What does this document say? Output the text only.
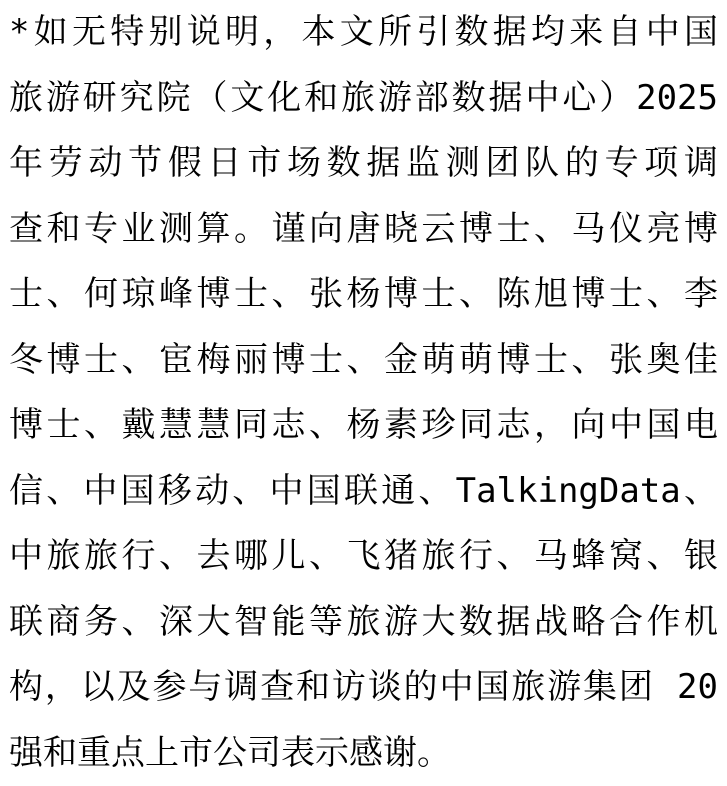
*如无特别说明，本文所引数据均来自中国
旅游研究院（文化和旅游部数据中心）2025
年劳动节假日市场数据监测团队的专项调
查和专业测算。谨向唐晓云博士、马仪亮博
士、何琼峰博士、张杨博士、陈旭博士、李
冬博士、宦梅丽博士、金萌萌博士、张奥佳
博士、戴慧慧同志、杨素珍同志，向中国电
信、中国移动、中国联通、TalkingData、
中旅旅行、去哪儿、飞猪旅行、马蜂窝、银
联商务、深大智能等旅游大数据战略合作机
构，以及参与调查和访谈的中国旅游集团 20
强和重点上市公司表示感谢。
